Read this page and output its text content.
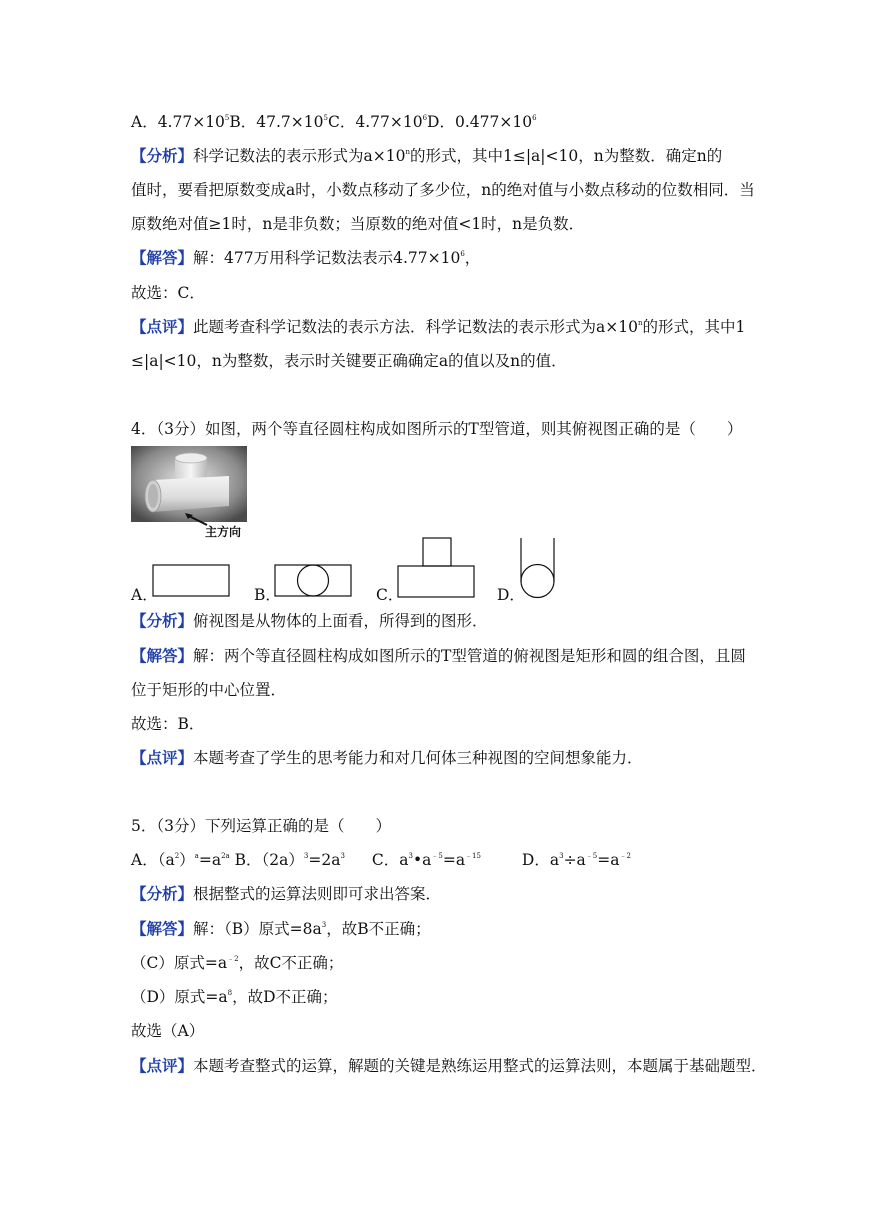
A．$4.77\times 10^5B$．$47.7\times 10^5C$．$4.77\times 10^6D$．$0.477\times 10^6$
【分析】科学记数法的表示形式为$a\times 10^n$的形式，其中1≤|a|<10，n为整数．确定n的
值时，要看把原数变成a时，小数点移动了多少位，n的绝对值与小数点移动的位数相同．当
原数绝对值≥1时，n是非负数；当原数的绝对值<1时，n是负数．
【解答】解：477万用科学记数法表示$4.77\times 10^6$，
故选：C．
【点评】此题考查科学记数法的表示方法．科学记数法的表示形式为$a\times 10^n$的形式，其中1
≤|a|<10，n为整数，表示时关键要正确确定a的值以及n的值．
4．（3分）如图，两个等直径圆柱构成如图所示的T型管道，则其俯视图正确的是（　　）
主方向
A．	B．	C．	D．
【分析】俯视图是从物体的上面看，所得到的图形．
【解答】解：两个等直径圆柱构成如图所示的T型管道的俯视图是矩形和圆的组合图，且圆
位于矩形的中心位置．
故选：B．
【点评】本题考查了学生的思考能力和对几何体三种视图的空间想象能力．
5．（3分）下列运算正确的是（　　）
A．$(a^2)^a=a^{2a}$ B．$(2a)^3=2a^3$ C．$a^3•a^{﹣5}=a^{﹣15}$	D．$a^3\div a^{﹣5}=a^{﹣2}$
【分析】根据整式的运算法则即可求出答案．
【解答】解：（B）原式$=8a^3$，故B不正确；
（C）原式$=a^{﹣2}$，故C不正确；
（D）原式$=a^8$，故D不正确；
故选（A）
【点评】本题考查整式的运算，解题的关键是熟练运用整式的运算法则，本题属于基础题型．
